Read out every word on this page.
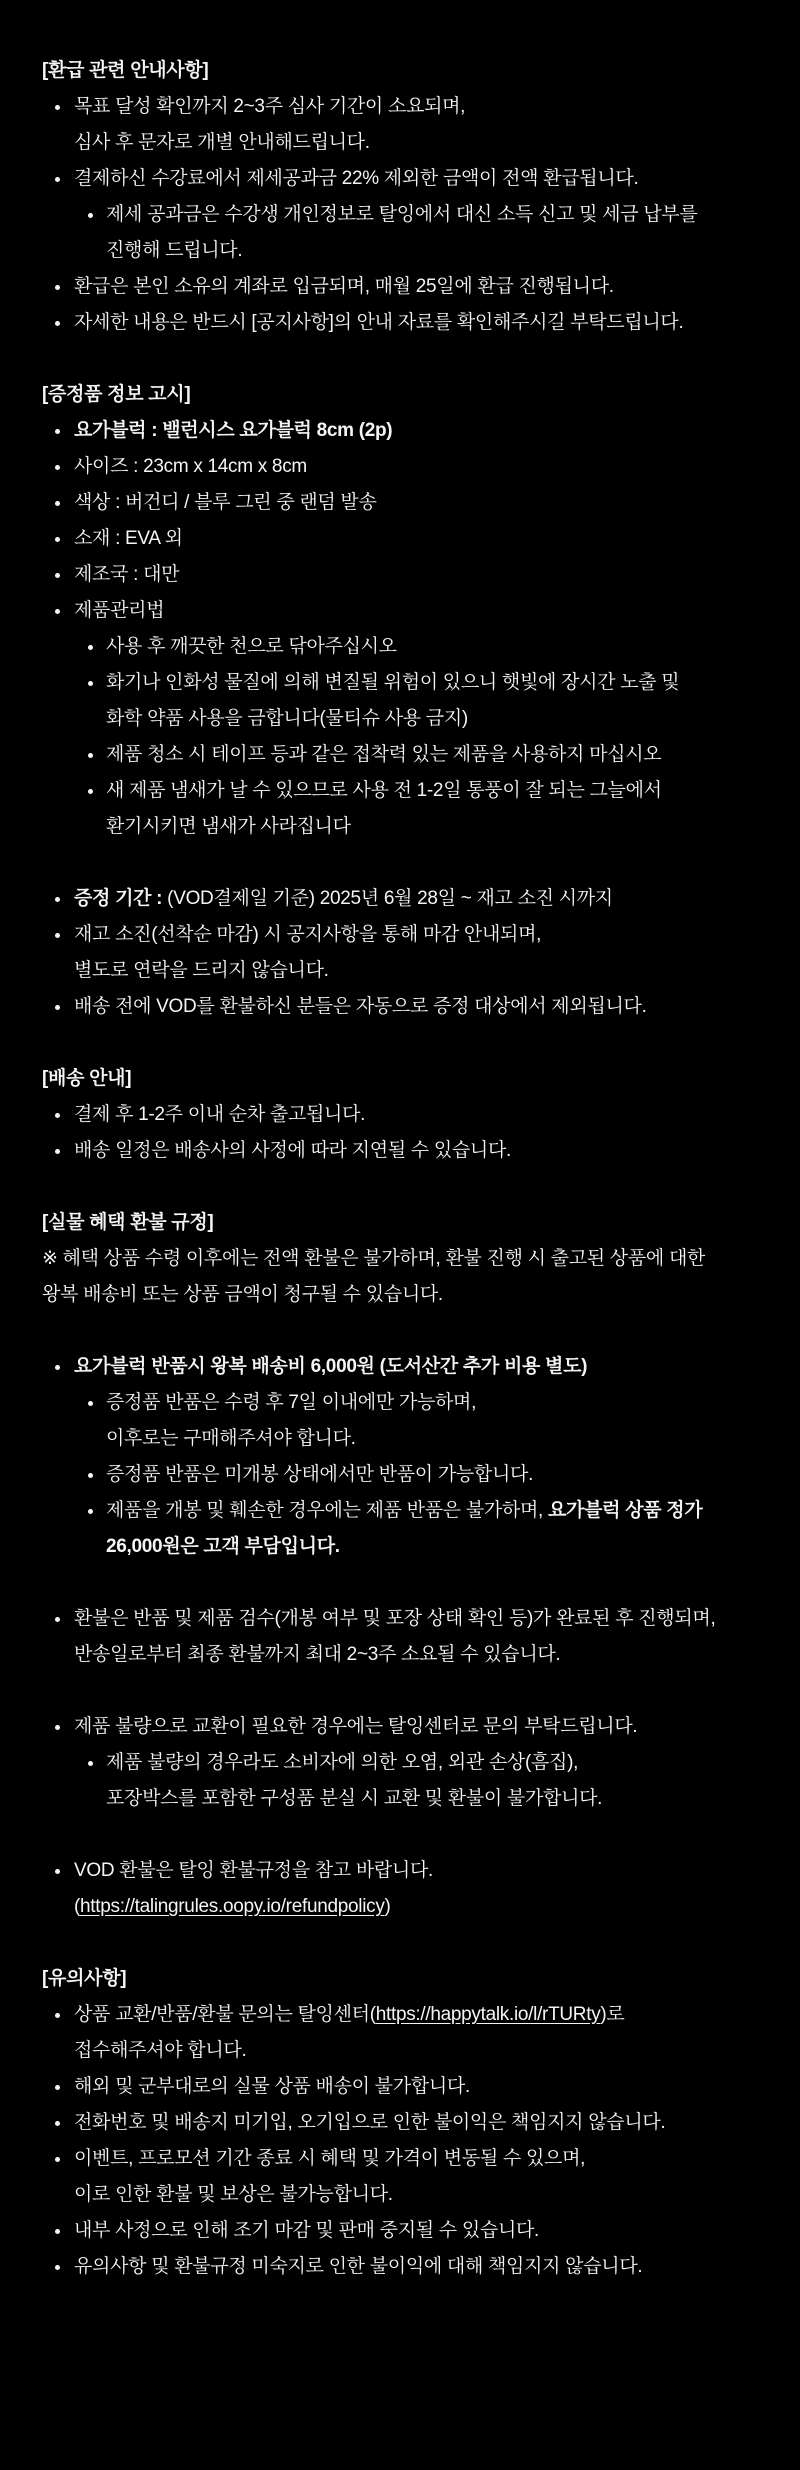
[환급 관련 안내사항]
목표 달성 확인까지 2~3주 심사 기간이 소요되며,
심사 후 문자로 개별 안내해드립니다.
결제하신 수강료에서 제세공과금 22% 제외한 금액이 전액 환급됩니다.
제세 공과금은 수강생 개인정보로 탈잉에서 대신 소득 신고 및 세금 납부를
진행해 드립니다.
환급은 본인 소유의 계좌로 입금되며, 매월 25일에 환급 진행됩니다.
자세한 내용은 반드시 [공지사항]의 안내 자료를 확인해주시길 부탁드립니다.
[증정품 정보 고시]
요가블럭 : 밸런시스 요가블럭 8cm (2p)
사이즈 : 23cm x 14cm x 8cm
색상 : 버건디 / 블루 그린 중 랜덤 발송
소재 : EVA 외
제조국 : 대만
제품관리법
사용 후 깨끗한 천으로 닦아주십시오
화기나 인화성 물질에 의해 변질될 위험이 있으니 햇빛에 장시간 노출 및
화학 약품 사용을 금합니다(물티슈 사용 금지)
제품 청소 시 테이프 등과 같은 접착력 있는 제품을 사용하지 마십시오
새 제품 냄새가 날 수 있으므로 사용 전 1-2일 통풍이 잘 되는 그늘에서
환기시키면 냄새가 사라집니다
증정 기간 : (VOD결제일 기준) 2025년 6월 28일 ~ 재고 소진 시까지
재고 소진(선착순 마감) 시 공지사항을 통해 마감 안내되며,
별도로 연락을 드리지 않습니다.
배송 전에 VOD를 환불하신 분들은 자동으로 증정 대상에서 제외됩니다.
[배송 안내]
결제 후 1-2주 이내 순차 출고됩니다.
배송 일정은 배송사의 사정에 따라 지연될 수 있습니다.
[실물 혜택 환불 규정]
※ 혜택 상품 수령 이후에는 전액 환불은 불가하며, 환불 진행 시 출고된 상품에 대한
왕복 배송비 또는 상품 금액이 청구될 수 있습니다.
요가블럭 반품시 왕복 배송비 6,000원 (도서산간 추가 비용 별도)
증정품 반품은 수령 후 7일 이내에만 가능하며,
이후로는 구매해주셔야 합니다.
증정품 반품은 미개봉 상태에서만 반품이 가능합니다.
제품을 개봉 및 훼손한 경우에는 제품 반품은 불가하며, 요가블럭 상품 정가
26,000원은 고객 부담입니다.
환불은 반품 및 제품 검수(개봉 여부 및 포장 상태 확인 등)가 완료된 후 진행되며,
반송일로부터 최종 환불까지 최대 2~3주 소요될 수 있습니다.
제품 불량으로 교환이 필요한 경우에는 탈잉센터로 문의 부탁드립니다.
제품 불량의 경우라도 소비자에 의한 오염, 외관 손상(흠집),
포장박스를 포함한 구성품 분실 시 교환 및 환불이 불가합니다.
VOD 환불은 탈잉 환불규정을 참고 바랍니다.
(https://talingrules.oopy.io/refundpolicy)
[유의사항]
상품 교환/반품/환불 문의는 탈잉센터(https://happytalk.io/l/rTURty)로
접수해주셔야 합니다.
해외 및 군부대로의 실물 상품 배송이 불가합니다.
전화번호 및 배송지 미기입, 오기입으로 인한 불이익은 책임지지 않습니다.
이벤트, 프로모션 기간 종료 시 혜택 및 가격이 변동될 수 있으며,
이로 인한 환불 및 보상은 불가능합니다.
내부 사정으로 인해 조기 마감 및 판매 중지될 수 있습니다.
유의사항 및 환불규정 미숙지로 인한 불이익에 대해 책임지지 않습니다.
